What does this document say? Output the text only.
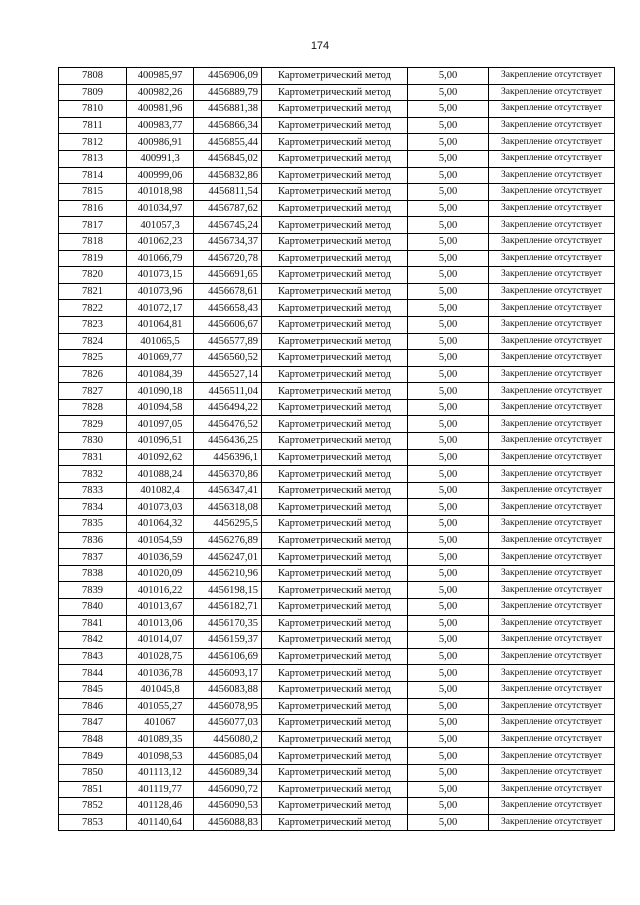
174
7808	400985,97	4456906,09	Картометрический метод	5,00	Закрепление отсутствует
7809	400982,26	4456889,79	Картометрический метод	5,00	Закрепление отсутствует
7810	400981,96	4456881,38	Картометрический метод	5,00	Закрепление отсутствует
7811	400983,77	4456866,34	Картометрический метод	5,00	Закрепление отсутствует
7812	400986,91	4456855,44	Картометрический метод	5,00	Закрепление отсутствует
7813	400991,3	4456845,02	Картометрический метод	5,00	Закрепление отсутствует
7814	400999,06	4456832,86	Картометрический метод	5,00	Закрепление отсутствует
7815	401018,98	4456811,54	Картометрический метод	5,00	Закрепление отсутствует
7816	401034,97	4456787,62	Картометрический метод	5,00	Закрепление отсутствует
7817	401057,3	4456745,24	Картометрический метод	5,00	Закрепление отсутствует
7818	401062,23	4456734,37	Картометрический метод	5,00	Закрепление отсутствует
7819	401066,79	4456720,78	Картометрический метод	5,00	Закрепление отсутствует
7820	401073,15	4456691,65	Картометрический метод	5,00	Закрепление отсутствует
7821	401073,96	4456678,61	Картометрический метод	5,00	Закрепление отсутствует
7822	401072,17	4456658,43	Картометрический метод	5,00	Закрепление отсутствует
7823	401064,81	4456606,67	Картометрический метод	5,00	Закрепление отсутствует
7824	401065,5	4456577,89	Картометрический метод	5,00	Закрепление отсутствует
7825	401069,77	4456560,52	Картометрический метод	5,00	Закрепление отсутствует
7826	401084,39	4456527,14	Картометрический метод	5,00	Закрепление отсутствует
7827	401090,18	4456511,04	Картометрический метод	5,00	Закрепление отсутствует
7828	401094,58	4456494,22	Картометрический метод	5,00	Закрепление отсутствует
7829	401097,05	4456476,52	Картометрический метод	5,00	Закрепление отсутствует
7830	401096,51	4456436,25	Картометрический метод	5,00	Закрепление отсутствует
7831	401092,62	4456396,1	Картометрический метод	5,00	Закрепление отсутствует
7832	401088,24	4456370,86	Картометрический метод	5,00	Закрепление отсутствует
7833	401082,4	4456347,41	Картометрический метод	5,00	Закрепление отсутствует
7834	401073,03	4456318,08	Картометрический метод	5,00	Закрепление отсутствует
7835	401064,32	4456295,5	Картометрический метод	5,00	Закрепление отсутствует
7836	401054,59	4456276,89	Картометрический метод	5,00	Закрепление отсутствует
7837	401036,59	4456247,01	Картометрический метод	5,00	Закрепление отсутствует
7838	401020,09	4456210,96	Картометрический метод	5,00	Закрепление отсутствует
7839	401016,22	4456198,15	Картометрический метод	5,00	Закрепление отсутствует
7840	401013,67	4456182,71	Картометрический метод	5,00	Закрепление отсутствует
7841	401013,06	4456170,35	Картометрический метод	5,00	Закрепление отсутствует
7842	401014,07	4456159,37	Картометрический метод	5,00	Закрепление отсутствует
7843	401028,75	4456106,69	Картометрический метод	5,00	Закрепление отсутствует
7844	401036,78	4456093,17	Картометрический метод	5,00	Закрепление отсутствует
7845	401045,8	4456083,88	Картометрический метод	5,00	Закрепление отсутствует
7846	401055,27	4456078,95	Картометрический метод	5,00	Закрепление отсутствует
7847	401067	4456077,03	Картометрический метод	5,00	Закрепление отсутствует
7848	401089,35	4456080,2	Картометрический метод	5,00	Закрепление отсутствует
7849	401098,53	4456085,04	Картометрический метод	5,00	Закрепление отсутствует
7850	401113,12	4456089,34	Картометрический метод	5,00	Закрепление отсутствует
7851	401119,77	4456090,72	Картометрический метод	5,00	Закрепление отсутствует
7852	401128,46	4456090,53	Картометрический метод	5,00	Закрепление отсутствует
7853	401140,64	4456088,83	Картометрический метод	5,00	Закрепление отсутствует
